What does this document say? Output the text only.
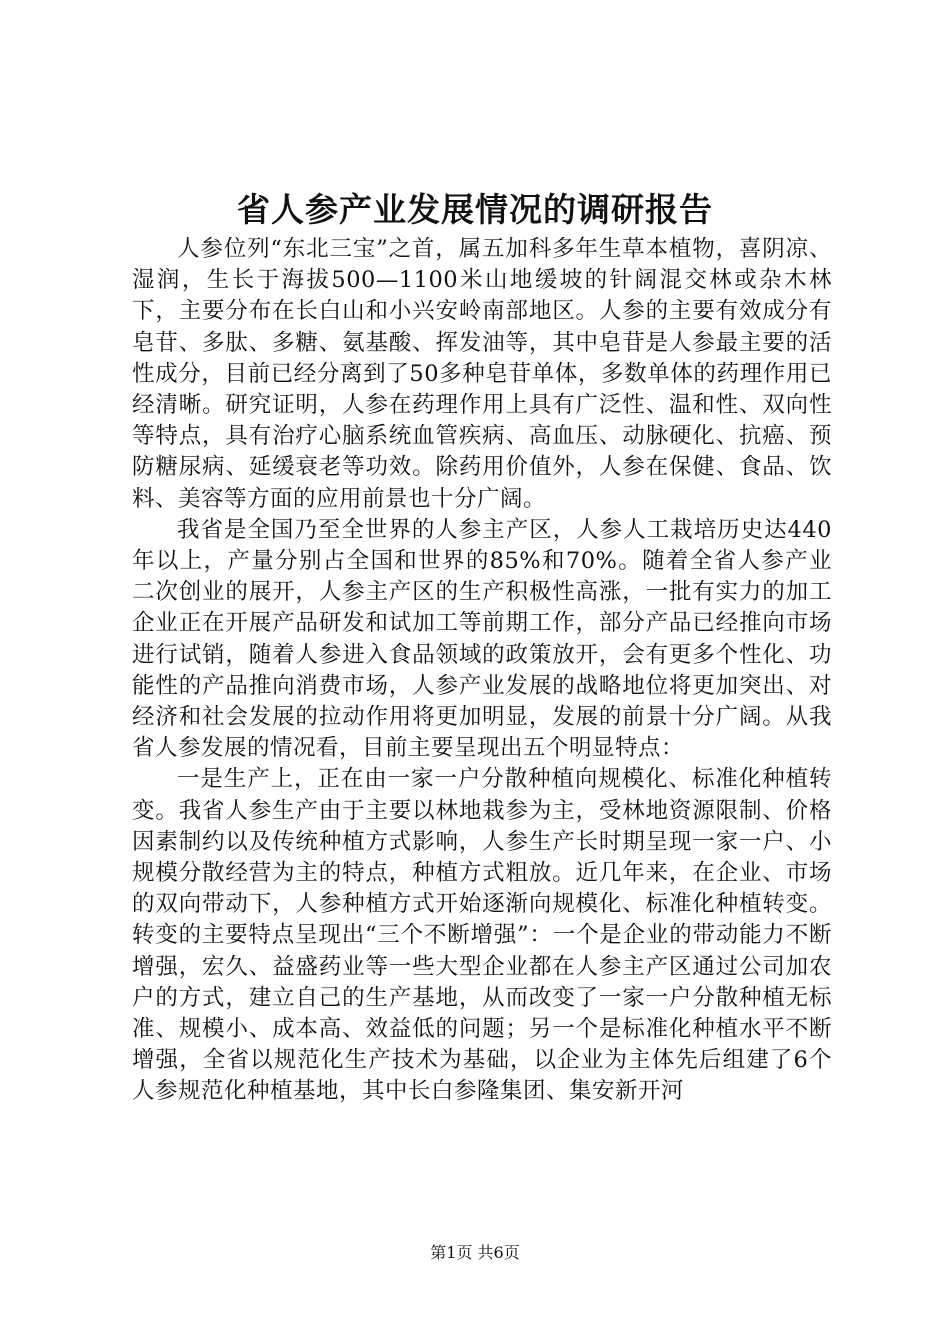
省人参产业发展情况的调研报告

人参位列“东北三宝”之首，属五加科多年生草本植物，喜阴凉、湿润，生长于海拔500—1100米山地缓坡的针阔混交林或杂木林下，主要分布在长白山和小兴安岭南部地区。人参的主要有效成分有皂苷、多肽、多糖、氨基酸、挥发油等，其中皂苷是人参最主要的活性成分，目前已经分离到了50多种皂苷单体，多数单体的药理作用已经清晰。研究证明，人参在药理作用上具有广泛性、温和性、双向性等特点，具有治疗心脑系统血管疾病、高血压、动脉硬化、抗癌、预防糖尿病、延缓衰老等功效。除药用价值外，人参在保健、食品、饮料、美容等方面的应用前景也十分广阔。

我省是全国乃至全世界的人参主产区，人参人工栽培历史达440年以上，产量分别占全国和世界的85%和70%。随着全省人参产业二次创业的展开，人参主产区的生产积极性高涨，一批有实力的加工企业正在开展产品研发和试加工等前期工作，部分产品已经推向市场进行试销，随着人参进入食品领域的政策放开，会有更多个性化、功能性的产品推向消费市场，人参产业发展的战略地位将更加突出、对经济和社会发展的拉动作用将更加明显，发展的前景十分广阔。从我省人参发展的情况看，目前主要呈现出五个明显特点：

一是生产上，正在由一家一户分散种植向规模化、标准化种植转变。我省人参生产由于主要以林地栽参为主，受林地资源限制、价格因素制约以及传统种植方式影响，人参生产长时期呈现一家一户、小规模分散经营为主的特点，种植方式粗放。近几年来，在企业、市场的双向带动下，人参种植方式开始逐渐向规模化、标准化种植转变。转变的主要特点呈现出“三个不断增强”：一个是企业的带动能力不断增强，宏久、益盛药业等一些大型企业都在人参主产区通过公司加农户的方式，建立自己的生产基地，从而改变了一家一户分散种植无标准、规模小、成本高、效益低的问题；另一个是标准化种植水平不断增强，全省以规范化生产技术为基础，以企业为主体先后组建了6个人参规范化种植基地，其中长白参隆集团、集安新开河

第1页 共6页
